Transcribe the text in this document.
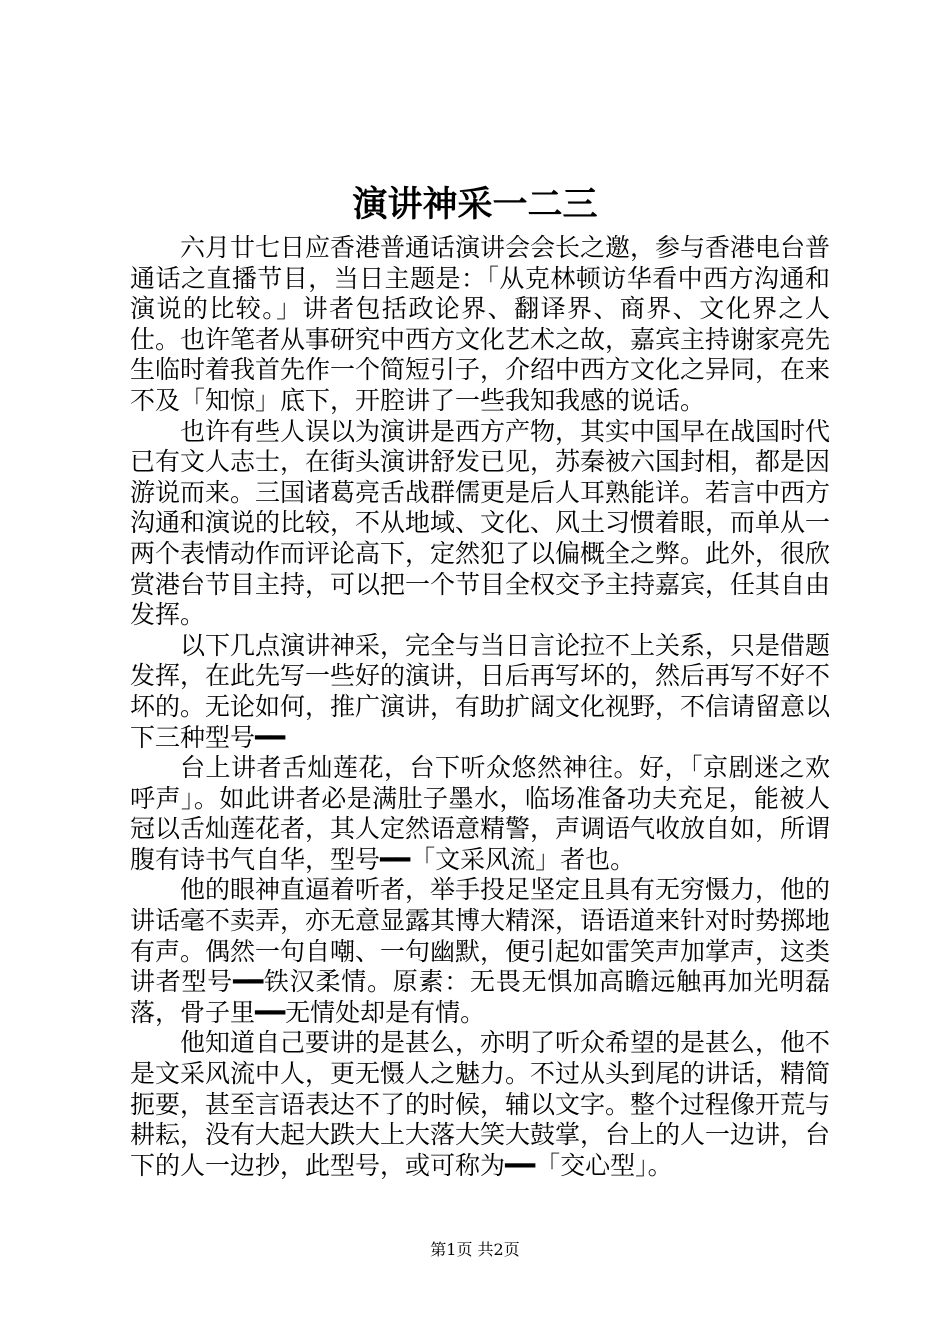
演讲神采一二三

六月廿七日应香港普通话演讲会会长之邀，参与香港电台普通话之直播节目，当日主题是：「从克林顿访华看中西方沟通和演说的比较。」讲者包括政论界、翻译界、商界、文化界之人仕。也许笔者从事研究中西方文化艺术之故，嘉宾主持谢家亮先生临时着我首先作一个简短引子，介绍中西方文化之异同，在来不及「知惊」底下，开腔讲了一些我知我感的说话。

也许有些人误以为演讲是西方产物，其实中国早在战国时代已有文人志士，在街头演讲舒发已见，苏秦被六国封相，都是因游说而来。三国诸葛亮舌战群儒更是后人耳熟能详。若言中西方沟通和演说的比较，不从地域、文化、风土习惯着眼，而单从一两个表情动作而评论高下，定然犯了以偏概全之弊。此外，很欣赏港台节目主持，可以把一个节目全权交予主持嘉宾，任其自由发挥。

以下几点演讲神采，完全与当日言论拉不上关系，只是借题发挥，在此先写一些好的演讲，日后再写坏的，然后再写不好不坏的。无论如何，推广演讲，有助扩阔文化视野，不信请留意以下三种型号━━

台上讲者舌灿莲花，台下听众悠然神往。好，「京剧迷之欢呼声」。如此讲者必是满肚子墨水，临场准备功夫充足，能被人冠以舌灿莲花者，其人定然语意精警，声调语气收放自如，所谓腹有诗书气自华，型号━━「文采风流」者也。

他的眼神直逼着听者，举手投足坚定且具有无穷慑力，他的讲话毫不卖弄，亦无意显露其博大精深，语语道来针对时势掷地有声。偶然一句自嘲、一句幽默，便引起如雷笑声加掌声，这类讲者型号━━铁汉柔情。原素：无畏无惧加高瞻远触再加光明磊落，骨子里━━无情处却是有情。

他知道自己要讲的是甚么，亦明了听众希望的是甚么，他不是文采风流中人，更无慑人之魅力。不过从头到尾的讲话，精简扼要，甚至言语表达不了的时候，辅以文字。整个过程像开荒与耕耘，没有大起大跌大上大落大笑大鼓掌，台上的人一边讲，台下的人一边抄，此型号，或可称为━━「交心型」。

第1页 共2页
